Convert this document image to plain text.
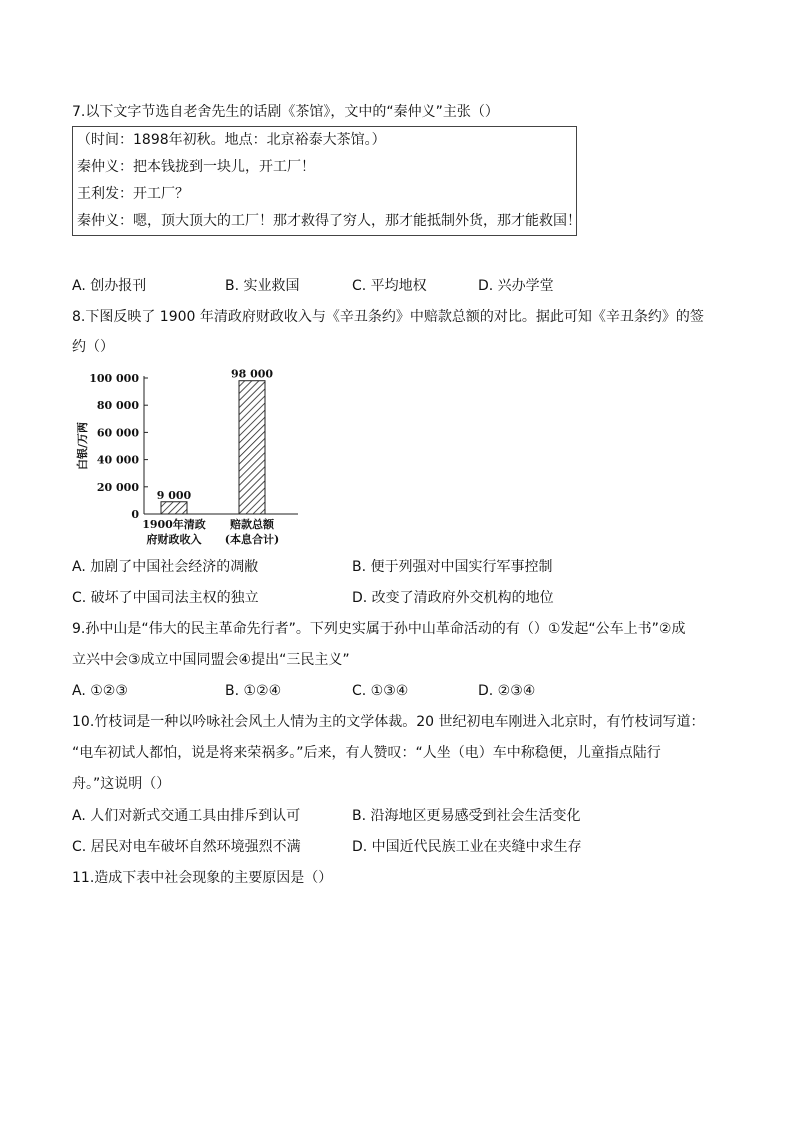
7.以下文字节选自老舍先生的话剧《茶馆》，文中的“秦仲义”主张（）
（时间：1898年初秋。地点：北京裕泰大茶馆。）
秦仲义：把本钱拢到一块儿，开工厂！
王利发：开工厂？
秦仲义：嗯，顶大顶大的工厂！那才救得了穷人，那才能抵制外货，那才能救国！
A. 创办报刊	B. 实业救国	C. 平均地权	D. 兴办学堂
8.下图反映了 1900 年清政府财政收入与《辛丑条约》中赔款总额的对比。据此可知《辛丑条约》的签
约（）
0
20 000
40 000
60 000
80 000
100 000
白银/万两
9 000
1900年清政
府财政收入
98 000
赔款总额
(本息合计)
A. 加剧了中国社会经济的凋敝	B. 便于列强对中国实行军事控制
C. 破坏了中国司法主权的独立	D. 改变了清政府外交机构的地位
9.孙中山是“伟大的民主革命先行者”。下列史实属于孙中山革命活动的有（）①发起“公车上书”②成
立兴中会③成立中国同盟会④提出“三民主义”
A. ①②③	B. ①②④	C. ①③④	D. ②③④
10.竹枝词是一种以吟咏社会风土人情为主的文学体裁。20 世纪初电车刚进入北京时，有竹枝词写道：
“电车初试人都怕，说是将来荣祸多。”后来，有人赞叹：“人坐（电）车中称稳便，儿童指点陆行
舟。”这说明（）
A. 人们对新式交通工具由排斥到认可	B. 沿海地区更易感受到社会生活变化
C. 居民对电车破坏自然环境强烈不满	D. 中国近代民族工业在夹缝中求生存
11.造成下表中社会现象的主要原因是（）
